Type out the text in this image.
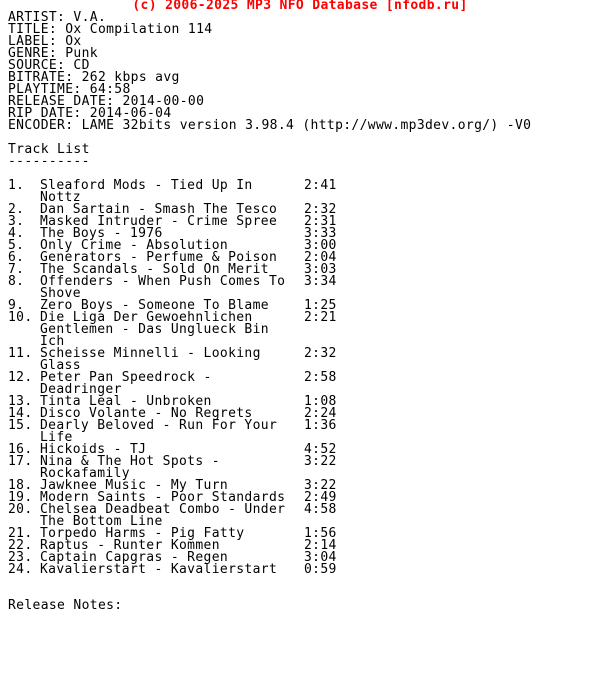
(c) 2006-2025 MP3 NFO Database [nfodb.ru]
ARTIST: V.A.
TITLE: Ox Compilation 114
LABEL: Ox
GENRE: Punk
SOURCE: CD
BITRATE: 262 kbps avg
PLAYTIME: 64:58
RELEASE DATE: 2014-00-00
RIP DATE: 2014-06-04
ENCODER: LAME 32bits version 3.98.4 (http://www.mp3dev.org/) -V0
Track List
----------
1. Sleaford Mods - Tied Up In	2:41
Nottz
2. Dan Sartain - Smash The Tesco 2:32
3. Masked Intruder - Crime Spree 2:31
4. The Boys - 1976	3:33
5. Only Crime - Absolution	3:00
6. Generators - Perfume & Poison 2:04
7. The Scandals - Sold On Merit	3:03
8. Offenders - When Push Comes To 3:34
Shove
9. Zero Boys - Someone To Blame	1:25
10. Die Liga Der Gewoehnlichen	2:21
Gentlemen - Das Unglueck Bin
Ich
11. Scheisse Minnelli - Looking	2:32
Glass
12. Peter Pan Speedrock -	2:58
Deadringer
13. Tinta Leal - Unbroken	1:08
14. Disco Volante - No Regrets	2:24
15. Dearly Beloved - Run For Your 1:36
Life
16. Hickoids - TJ	4:52
17. Nina & The Hot Spots -	3:22
Rockafamily
18. Jawknee Music - My Turn	3:22
19. Modern Saints - Poor Standards 2:49
20. Chelsea Deadbeat Combo - Under 4:58
The Bottom Line
21. Torpedo Harms - Pig Fatty	1:56
22. Raptus - Runter Kommen	2:14
23. Captain Capgras - Regen	3:04
24. Kavalierstart - Kavalierstart 0:59
Release Notes:
